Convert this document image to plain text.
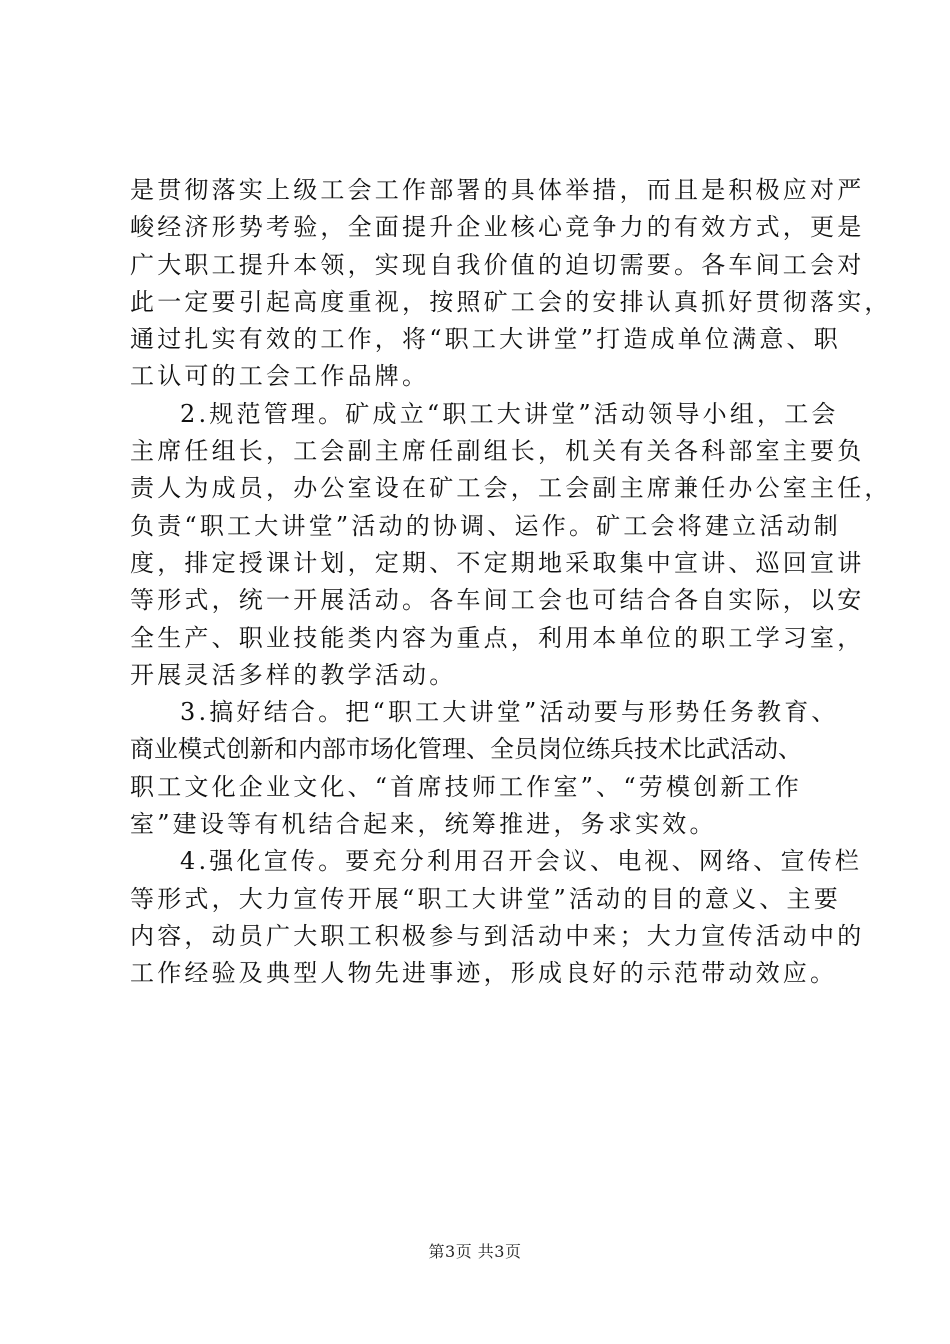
是贯彻落实上级工会工作部署的具体举措，而且是积极应对严
峻经济形势考验，全面提升企业核心竞争力的有效方式，更是
广大职工提升本领，实现自我价值的迫切需要。各车间工会对
此一定要引起高度重视，按照矿工会的安排认真抓好贯彻落实，
通过扎实有效的工作，将“职工大讲堂”打造成单位满意、职
工认可的工会工作品牌。
2.规范管理。矿成立“职工大讲堂”活动领导小组，工会
主席任组长，工会副主席任副组长，机关有关各科部室主要负
责人为成员，办公室设在矿工会，工会副主席兼任办公室主任，
负责“职工大讲堂”活动的协调、运作。矿工会将建立活动制
度，排定授课计划，定期、不定期地采取集中宣讲、巡回宣讲
等形式，统一开展活动。各车间工会也可结合各自实际，以安
全生产、职业技能类内容为重点，利用本单位的职工学习室，
开展灵活多样的教学活动。
3.搞好结合。把“职工大讲堂”活动要与形势任务教育、
商业模式创新和内部市场化管理、全员岗位练兵技术比武活动、
职工文化企业文化、“首席技师工作室”、“劳模创新工作
室”建设等有机结合起来，统筹推进，务求实效。
4.强化宣传。要充分利用召开会议、电视、网络、宣传栏
等形式，大力宣传开展“职工大讲堂”活动的目的意义、主要
内容，动员广大职工积极参与到活动中来；大力宣传活动中的
工作经验及典型人物先进事迹，形成良好的示范带动效应。
第3页 共3页
